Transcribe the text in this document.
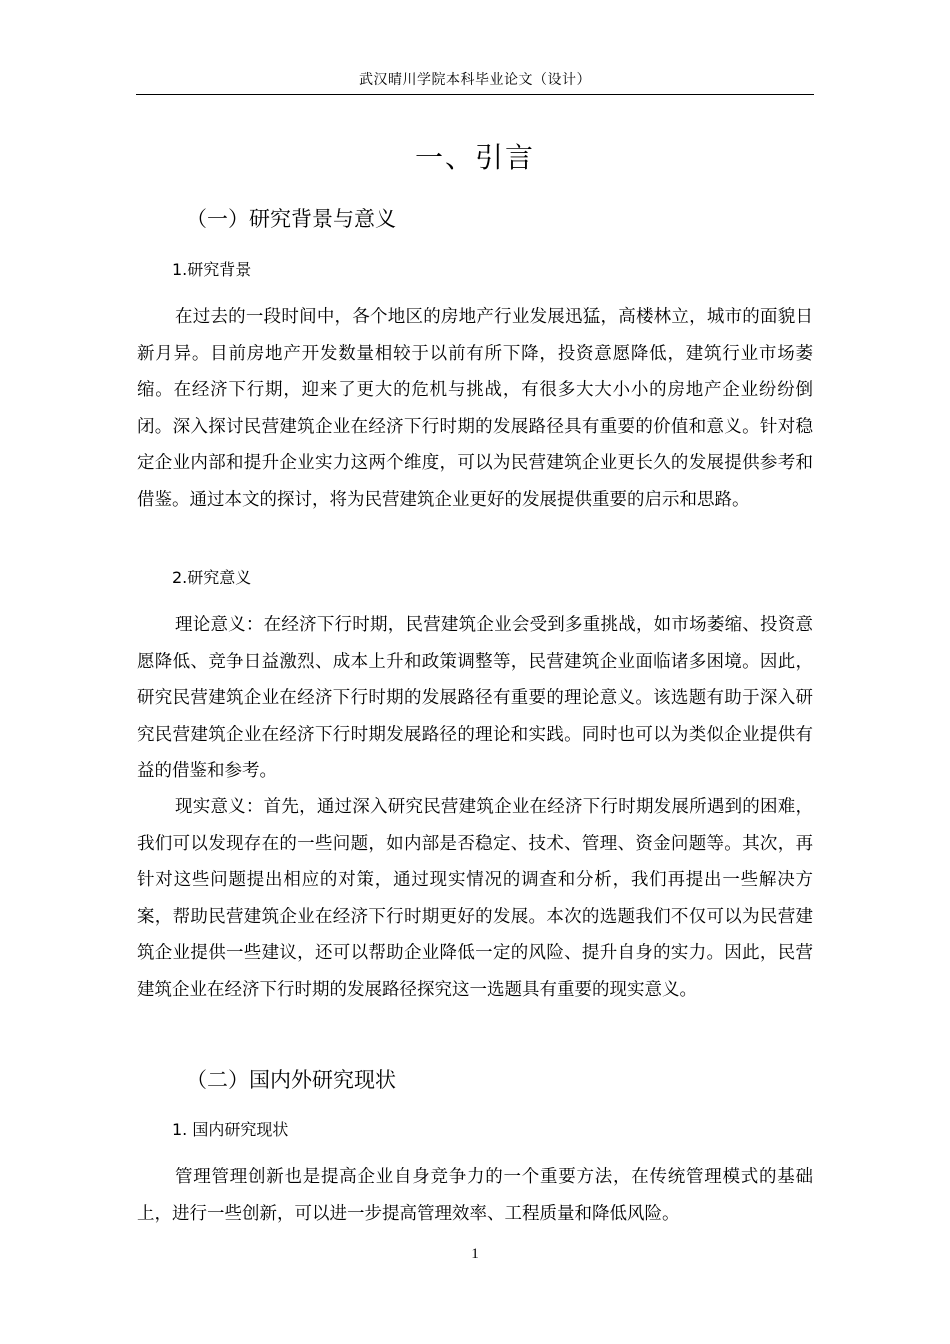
武汉晴川学院本科毕业论文（设计）
一、引言
（一）研究背景与意义
1.研究背景

在过去的一段时间中，各个地区的房地产行业发展迅猛，高楼林立，城市的面貌日新月异。目前房地产开发数量相较于以前有所下降，投资意愿降低，建筑行业市场萎缩。在经济下行期，迎来了更大的危机与挑战，有很多大大小小的房地产企业纷纷倒闭。深入探讨民营建筑企业在经济下行时期的发展路径具有重要的价值和意义。针对稳定企业内部和提升企业实力这两个维度，可以为民营建筑企业更长久的发展提供参考和借鉴。通过本文的探讨，将为民营建筑企业更好的发展提供重要的启示和思路。

2.研究意义

理论意义：在经济下行时期，民营建筑企业会受到多重挑战，如市场萎缩、投资意愿降低、竞争日益激烈、成本上升和政策调整等，民营建筑企业面临诸多困境。因此，研究民营建筑企业在经济下行时期的发展路径有重要的理论意义。该选题有助于深入研究民营建筑企业在经济下行时期发展路径的理论和实践。同时也可以为类似企业提供有益的借鉴和参考。

现实意义：首先，通过深入研究民营建筑企业在经济下行时期发展所遇到的困难，我们可以发现存在的一些问题，如内部是否稳定、技术、管理、资金问题等。其次，再针对这些问题提出相应的对策，通过现实情况的调查和分析，我们再提出一些解决方案，帮助民营建筑企业在经济下行时期更好的发展。本次的选题我们不仅可以为民营建筑企业提供一些建议，还可以帮助企业降低一定的风险、提升自身的实力。因此，民营建筑企业在经济下行时期的发展路径探究这一选题具有重要的现实意义。

（二）国内外研究现状
1. 国内研究现状

管理管理创新也是提高企业自身竞争力的一个重要方法，在传统管理模式的基础上，进行一些创新，可以进一步提高管理效率、工程质量和降低风险。

1
